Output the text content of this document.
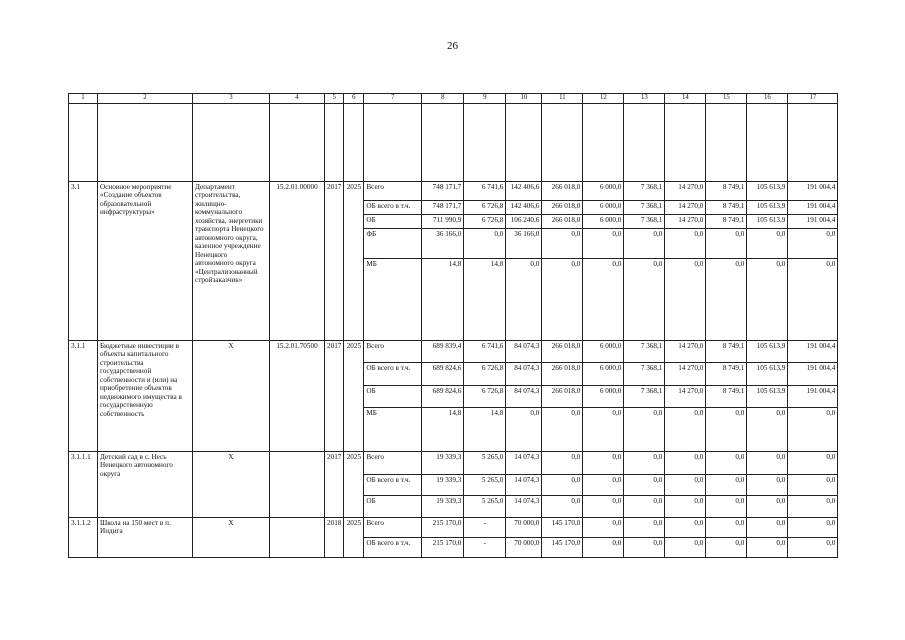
26
1	2	3	4	5	6	7	8	9	10	11	12	13	14	15	16	17

3.1	Основное мероприятие «Создание объектов образовательной инфраструктуры»	Департамент строительства, жилищно-коммунального хозяйства, энергетики транспорта Ненецкого автономного округа, казенное учреждение Ненецкого автономного округа «Централизованный стройзаказчик»	15.2.01.00000	2017	2025	Всего	748 171,7	6 741,6	142 406,6	266 018,0	6 000,0	7 368,1	14 270,0	8 749,1	105 613,9	191 004,4
						ОБ всего в т.ч.	748 171,7	6 726,8	142 406,6	266 018,0	6 000,0	7 368,1	14 270,0	8 749,1	105 613,9	191 004,4
						ОБ	711 990,9	6 726,8	106 240,6	266 018,0	6 000,0	7 368,1	14 270,0	8 749,1	105 613,9	191 004,4
						ФБ	36 166,0	0,0	36 166,0	0,0	0,0	0,0	0,0	0,0	0,0	0,0
						МБ	14,8	14,8	0,0	0,0	0,0	0,0	0,0	0,0	0,0	0,0
3.1.1	Бюджетные инвестиции в объекты капитального строительства государственной собственности и (или) на приобретение объектов недвижимого имущества в государственную собственность	Х	15.2.01.70500	2017	2025	Всего	689 839,4	6 741,6	84 074,3	266 018,0	6 000,0	7 368,1	14 270,0	8 749,1	105 613,9	191 004,4
						ОБ всего в т.ч.	689 824,6	6 726,8	84 074,3	266 018,0	6 000,0	7 368,1	14 270,0	8 749,1	105 613,9	191 004,4
						ОБ	689 824,6	6 726,8	84 074,3	266 018,0	6 000,0	7 368,1	14 270,0	8 749,1	105 613,9	191 004,4
						МБ	14,8	14,8	0,0	0,0	0,0	0,0	0,0	0,0	0,0	0,0
3.1.1.1	Детский сад в с. Несь Ненецкого автономного округа	Х		2017	2025	Всего	19 339,3	5 265,0	14 074,3	0,0	0,0	0,0	0,0	0,0	0,0	0,0
						ОБ всего в т.ч.	19 339,3	5 265,0	14 074,3	0,0	0,0	0,0	0,0	0,0	0,0	0,0
						ОБ	19 339,3	5 265,0	14 074,3	0,0	0,0	0,0	0,0	0,0	0,0	0,0
3.1.1.2	Школа на 150 мест в п. Индига	Х		2018	2025	Всего	215 170,0	-	70 000,0	145 170,0	0,0	0,0	0,0	0,0	0,0	0,0
						ОБ всего в т.ч.	215 170,0	-	70 000,0	145 170,0	0,0	0,0	0,0	0,0	0,0	0,0
